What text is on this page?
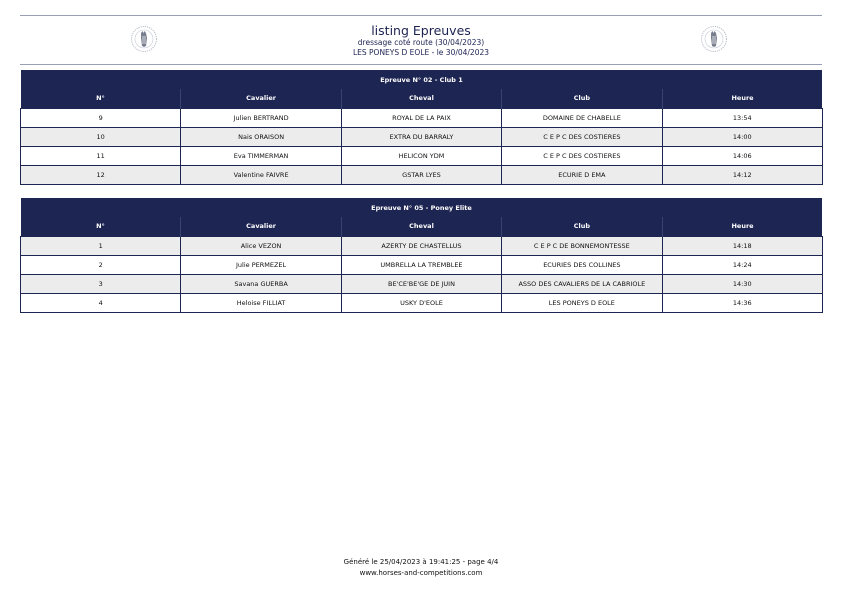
listing Epreuves
dressage coté route (30/04/2023)
LES PONEYS D EOLE - le 30/04/2023
Epreuve N° 02 - Club 1				
N°	Cavalier	Cheval	Club	Heure
9	Julien BERTRAND	ROYAL DE LA PAIX	DOMAINE DE CHABELLE	13:54
10	Nais ORAISON	EXTRA DU BARRALY	C E P C DES COSTIERES	14:00
11	Eva TIMMERMAN	HELICON YDM	C E P C DES COSTIERES	14:06
12	Valentine FAIVRE	GSTAR LYES	ECURIE D EMA	14:12
Epreuve N° 05 - Poney Elite				
N°	Cavalier	Cheval	Club	Heure
1	Alice VEZON	AZERTY DE CHASTELLUS	C E P C DE BONNEMONTESSE	14:18
2	Julie PERMEZEL	UMBRELLA LA TREMBLEE	ECURIES DES COLLINES	14:24
3	Savana GUERBA	BE'CE'BE'GE DE JUIN	ASSO DES CAVALIERS DE LA CABRIOLE	14:30
4	Heloise FILLIAT	USKY D'EOLE	LES PONEYS D EOLE	14:36
Généré le 25/04/2023 à 19:41:25 - page 4/4
www.horses-and-competitions.com
